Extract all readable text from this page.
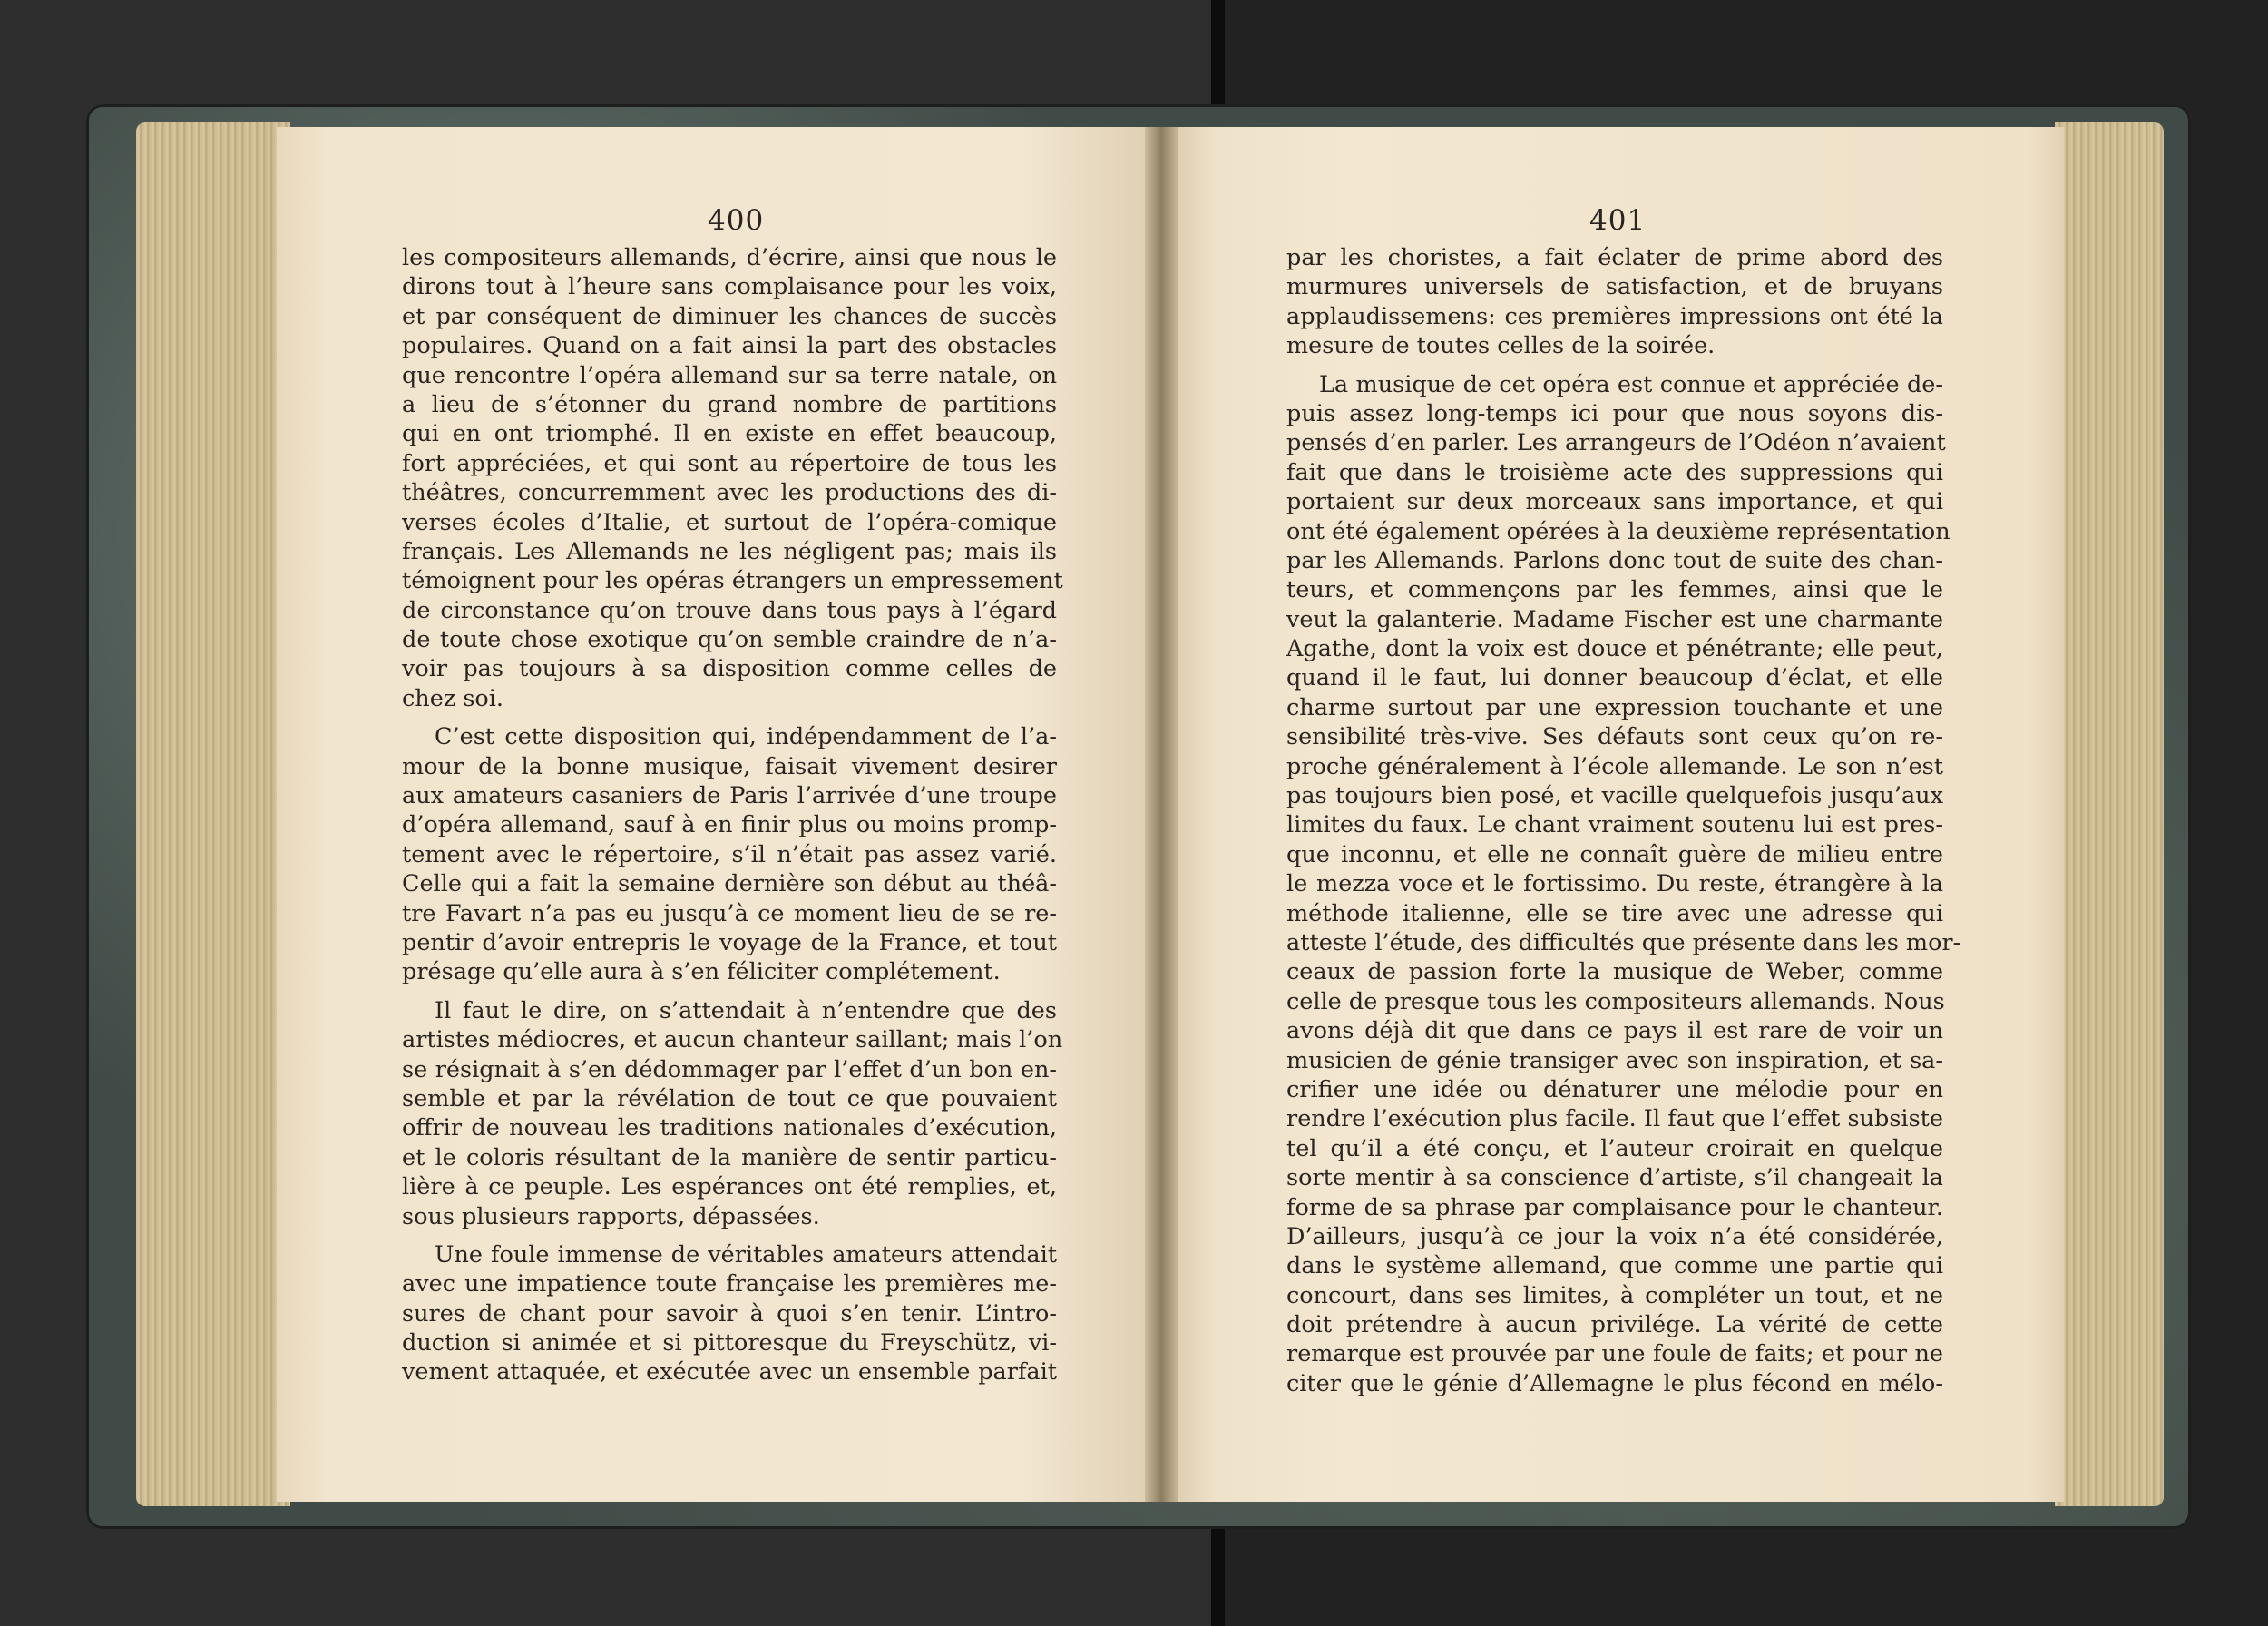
400	401
les compositeurs allemands, d’écrire, ainsi que nous le
dirons tout à l’heure sans complaisance pour les voix,
et par conséquent de diminuer les chances de succès
populaires. Quand on a fait ainsi la part des obstacles
que rencontre l’opéra allemand sur sa terre natale, on
a lieu de s’étonner du grand nombre de partitions
qui en ont triomphé. Il en existe en effet beaucoup,
fort appréciées, et qui sont au répertoire de tous les
théâtres, concurremment avec les productions des di-
verses écoles d’Italie, et surtout de l’opéra-comique
français. Les Allemands ne les négligent pas; mais ils
témoignent pour les opéras étrangers un empressement
de circonstance qu’on trouve dans tous pays à l’égard
de toute chose exotique qu’on semble craindre de n’a-
voir pas toujours à sa disposition comme celles de
chez soi.
C’est cette disposition qui, indépendamment de l’a-
mour de la bonne musique, faisait vivement desirer
aux amateurs casaniers de Paris l’arrivée d’une troupe
d’opéra allemand, sauf à en finir plus ou moins promp-
tement avec le répertoire, s’il n’était pas assez varié.
Celle qui a fait la semaine dernière son début au théâ-
tre Favart n’a pas eu jusqu’à ce moment lieu de se re-
pentir d’avoir entrepris le voyage de la France, et tout
présage qu’elle aura à s’en féliciter complétement.
Il faut le dire, on s’attendait à n’entendre que des
artistes médiocres, et aucun chanteur saillant; mais l’on
se résignait à s’en dédommager par l’effet d’un bon en-
semble et par la révélation de tout ce que pouvaient
offrir de nouveau les traditions nationales d’exécution,
et le coloris résultant de la manière de sentir particu-
lière à ce peuple. Les espérances ont été remplies, et,
sous plusieurs rapports, dépassées.
Une foule immense de véritables amateurs attendait
avec une impatience toute française les premières me-
sures de chant pour savoir à quoi s’en tenir. L’intro-
duction si animée et si pittoresque du Freyschütz, vi-
vement attaquée, et exécutée avec un ensemble parfait
par les choristes, a fait éclater de prime abord des
murmures universels de satisfaction, et de bruyans
applaudissemens: ces premières impressions ont été la
mesure de toutes celles de la soirée.
La musique de cet opéra est connue et appréciée de-
puis assez long-temps ici pour que nous soyons dis-
pensés d’en parler. Les arrangeurs de l’Odéon n’avaient
fait que dans le troisième acte des suppressions qui
portaient sur deux morceaux sans importance, et qui
ont été également opérées à la deuxième représentation
par les Allemands. Parlons donc tout de suite des chan-
teurs, et commençons par les femmes, ainsi que le
veut la galanterie. Madame Fischer est une charmante
Agathe, dont la voix est douce et pénétrante; elle peut,
quand il le faut, lui donner beaucoup d’éclat, et elle
charme surtout par une expression touchante et une
sensibilité très-vive. Ses défauts sont ceux qu’on re-
proche généralement à l’école allemande. Le son n’est
pas toujours bien posé, et vacille quelquefois jusqu’aux
limites du faux. Le chant vraiment soutenu lui est pres-
que inconnu, et elle ne connaît guère de milieu entre
le mezza voce et le fortissimo. Du reste, étrangère à la
méthode italienne, elle se tire avec une adresse qui
atteste l’étude, des difficultés que présente dans les mor-
ceaux de passion forte la musique de Weber, comme
celle de presque tous les compositeurs allemands. Nous
avons déjà dit que dans ce pays il est rare de voir un
musicien de génie transiger avec son inspiration, et sa-
crifier une idée ou dénaturer une mélodie pour en
rendre l’exécution plus facile. Il faut que l’effet subsiste
tel qu’il a été conçu, et l’auteur croirait en quelque
sorte mentir à sa conscience d’artiste, s’il changeait la
forme de sa phrase par complaisance pour le chanteur.
D’ailleurs, jusqu’à ce jour la voix n’a été considérée,
dans le système allemand, que comme une partie qui
concourt, dans ses limites, à compléter un tout, et ne
doit prétendre à aucun privilége. La vérité de cette
remarque est prouvée par une foule de faits; et pour ne
citer que le génie d’Allemagne le plus fécond en mélo-
